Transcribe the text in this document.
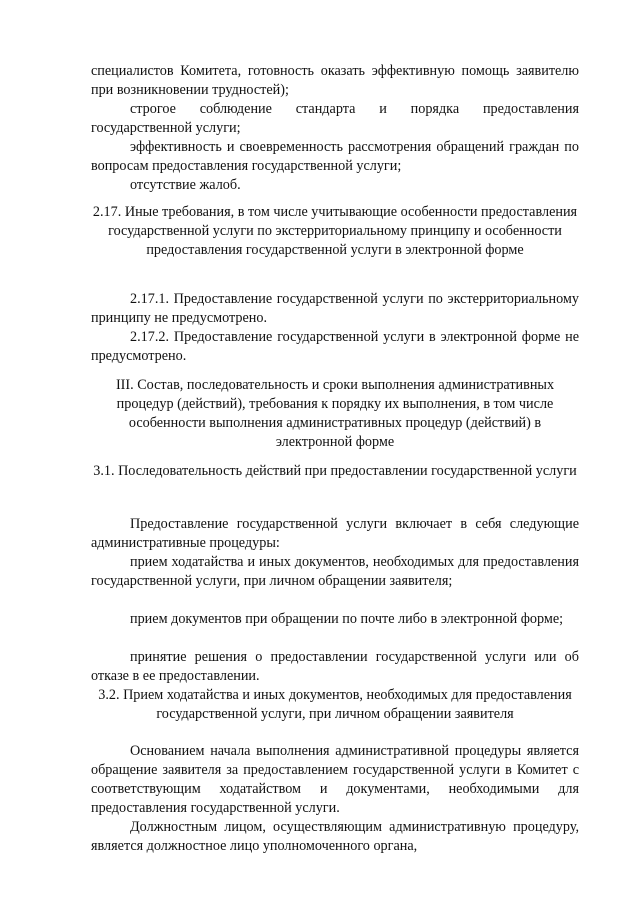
специалистов Комитета, готовность оказать эффективную помощь заявителю при возникновении трудностей);

строгое соблюдение стандарта и порядка предоставления государственной услуги;

эффективность и своевременность рассмотрения обращений граждан по вопросам предоставления государственной услуги;

отсутствие жалоб.

2.17. Иные требования, в том числе учитывающие особенности предоставления государственной услуги по экстерриториальному принципу и особенности предоставления государственной услуги в электронной форме

2.17.1. Предоставление государственной услуги по экстерриториальному принципу не предусмотрено.

2.17.2. Предоставление государственной услуги в электронной форме не предусмотрено.

III. Состав, последовательность и сроки выполнения административных процедур (действий), требования к порядку их выполнения, в том числе особенности выполнения административных процедур (действий) в электронной форме

3.1. Последовательность действий при предоставлении государственной услуги

Предоставление государственной услуги включает в себя следующие административные процедуры:

прием ходатайства и иных документов, необходимых для предоставления государственной услуги, при личном обращении заявителя;

прием документов при обращении по почте либо в электронной форме;

принятие решения о предоставлении государственной услуги или об отказе в ее предоставлении.

3.2. Прием ходатайства и иных документов, необходимых для предоставления государственной услуги, при личном обращении заявителя

Основанием начала выполнения административной процедуры является обращение заявителя за предоставлением государственной услуги в Комитет с соответствующим ходатайством и документами, необходимыми для предоставления государственной услуги.

Должностным лицом, осуществляющим административную процедуру, является должностное лицо уполномоченного органа,
